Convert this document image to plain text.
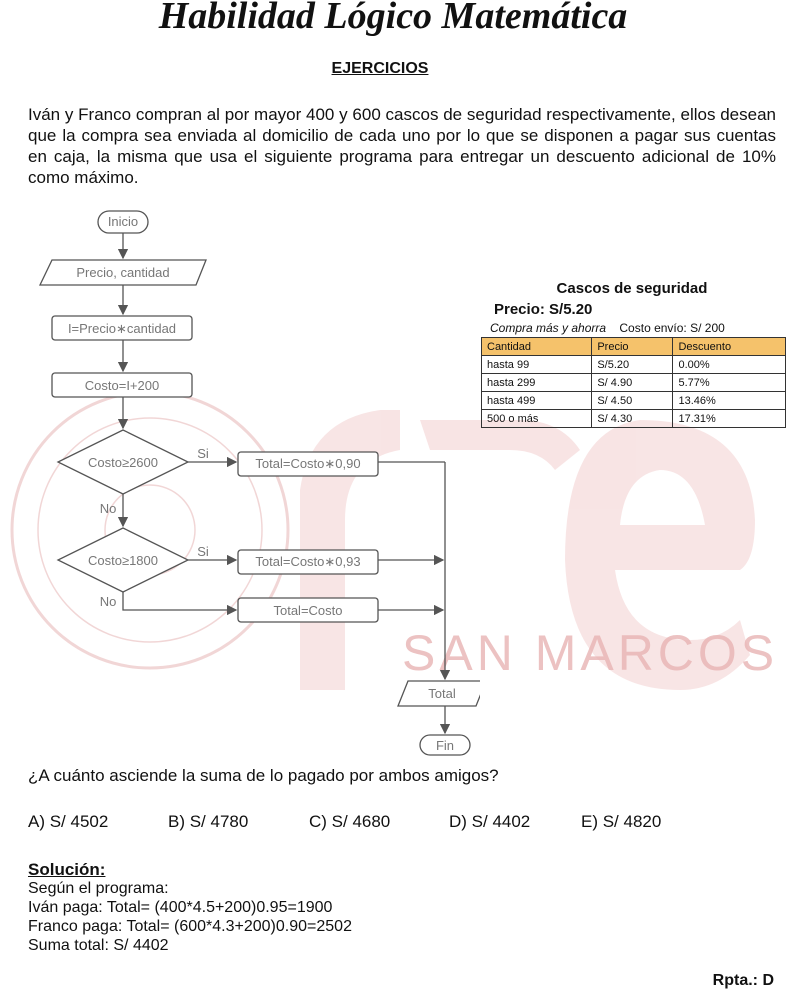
SAN MARCOS
Habilidad Lógico Matemática
EJERCICIOS
Iván y Franco compran al por mayor 400 y 600 cascos de seguridad respectivamente, ellos desean que la compra sea enviada al domicilio de cada uno por lo que se disponen a pagar sus cuentas en caja, la misma que usa el siguiente programa para entregar un descuento adicional de 10% como máximo.
Inicio
Precio, cantidad
I=Precio∗cantidad
Costo=I+200
Costo≥2600
Si
No
Total=Costo∗0,90
Costo≥1800
Si
No
Total=Costo∗0,93
Total=Costo
Total
Fin
Cascos de seguridad
Precio: S/5.20
Compra más y ahorra Costo envío: S/ 200
Cantidad	Precio	Descuento
hasta 99	S/5.20	0.00%
hasta 299	S/ 4.90	5.77%
hasta 499	S/ 4.50	13.46%
500 o más	S/ 4.30	17.31%
¿A cuánto asciende la suma de lo pagado por ambos amigos?
A) S/ 4502	B) S/ 4780	C) S/ 4680	D) S/ 4402	E) S/ 4820
Solución:
Según el programa:
Iván paga: Total= (400*4.5+200)0.95=1900
Franco paga: Total= (600*4.3+200)0.90=2502
Suma total: S/ 4402
Rpta.: D
